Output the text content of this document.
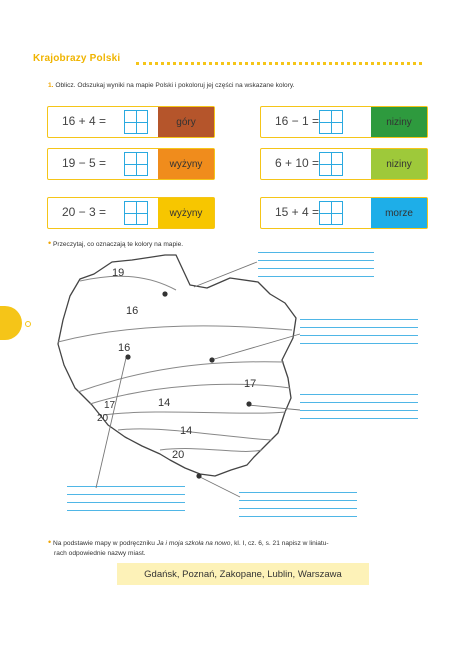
Krajobrazy Polski
1. Oblicz. Odszukaj wyniki na mapie Polski i pokoloruj jej części na wskazane kolory.
16 + 4 =	góry	16 − 1 =	niziny
19 − 5 =	wyżyny	6 + 10 =	niziny
20 − 3 =	wyżyny	15 + 4 =	morze
• Przeczytaj, co oznaczają te kolory na mapie.
19
16
16
17
14
17
20
14
20
• Na podstawie mapy w podręczniku Ja i moja szkoła na nowo, kl. I, cz. 6, s. 21 napisz w liniatu-
rach odpowiednie nazwy miast.
Gdańsk, Poznań, Zakopane, Lublin, Warszawa
